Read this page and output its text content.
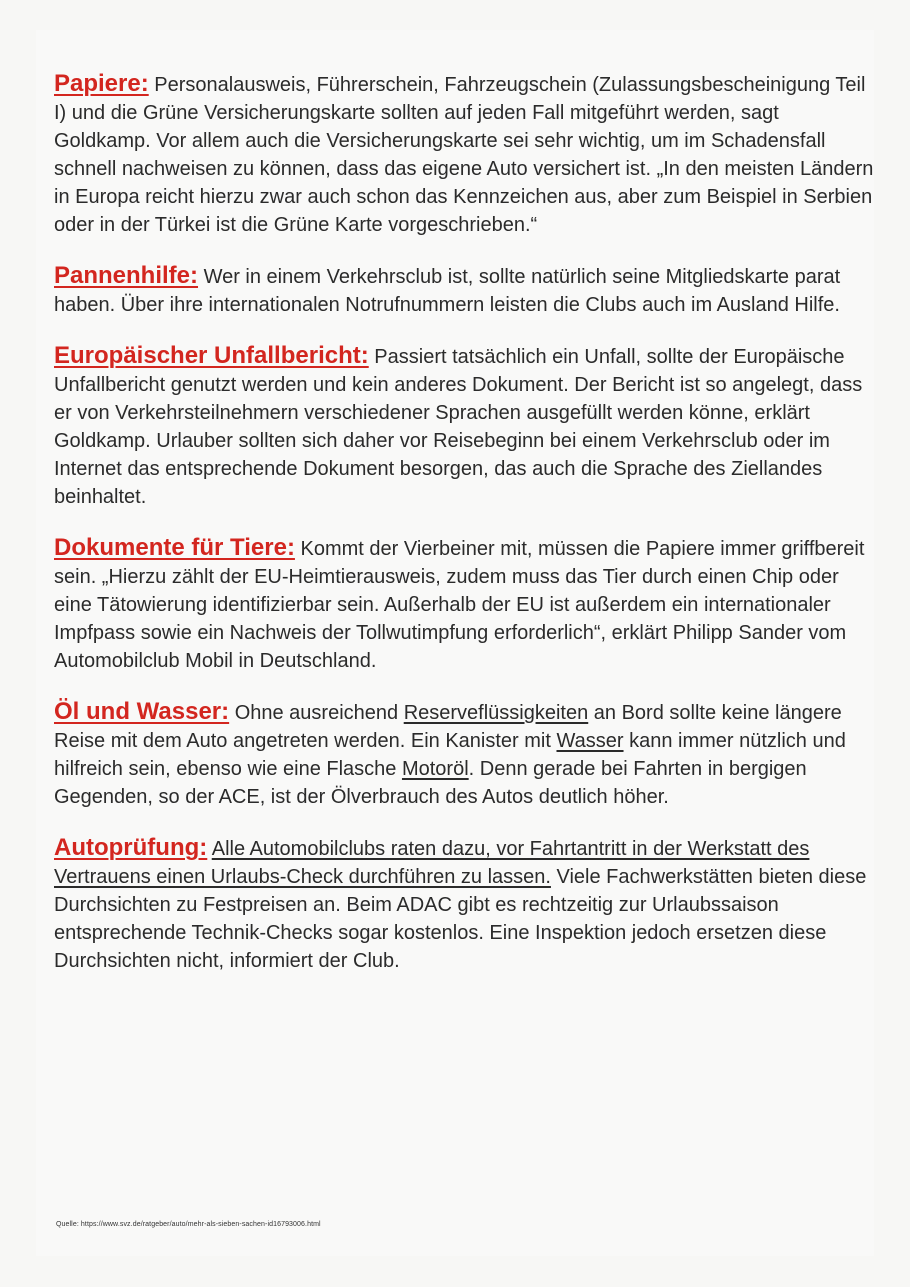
Papiere: Personalausweis, Führerschein, Fahrzeugschein (Zulassungsbescheinigung Teil I) und die Grüne Versicherungskarte sollten auf jeden Fall mitgeführt werden, sagt Goldkamp. Vor allem auch die Versicherungskarte sei sehr wichtig, um im Schadensfall schnell nachweisen zu können, dass das eigene Auto versichert ist. „In den meisten Ländern in Europa reicht hierzu zwar auch schon das Kennzeichen aus, aber zum Beispiel in Serbien oder in der Türkei ist die Grüne Karte vorgeschrieben.“

Pannenhilfe: Wer in einem Verkehrsclub ist, sollte natürlich seine Mitgliedskarte parat haben. Über ihre internationalen Notrufnummern leisten die Clubs auch im Ausland Hilfe.

Europäischer Unfallbericht: Passiert tatsächlich ein Unfall, sollte der Europäische Unfallbericht genutzt werden und kein anderes Dokument. Der Bericht ist so angelegt, dass er von Verkehrsteilnehmern verschiedener Sprachen ausgefüllt werden könne, erklärt Goldkamp. Urlauber sollten sich daher vor Reisebeginn bei einem Verkehrsclub oder im Internet das entsprechende Dokument besorgen, das auch die Sprache des Ziellandes beinhaltet.

Dokumente für Tiere: Kommt der Vierbeiner mit, müssen die Papiere immer griffbereit sein. „Hierzu zählt der EU-Heimtierausweis, zudem muss das Tier durch einen Chip oder eine Tätowierung identifizierbar sein. Außerhalb der EU ist außerdem ein internationaler Impfpass sowie ein Nachweis der Tollwutimpfung erforderlich“, erklärt Philipp Sander vom Automobilclub Mobil in Deutschland.

Öl und Wasser: Ohne ausreichend Reserveflüssigkeiten an Bord sollte keine längere Reise mit dem Auto angetreten werden. Ein Kanister mit Wasser kann immer nützlich und hilfreich sein, ebenso wie eine Flasche Motoröl. Denn gerade bei Fahrten in bergigen Gegenden, so der ACE, ist der Ölverbrauch des Autos deutlich höher.

Autoprüfung: Alle Automobilclubs raten dazu, vor Fahrtantritt in der Werkstatt des Vertrauens einen Urlaubs-Check durchführen zu lassen. Viele Fachwerkstätten bieten diese Durchsichten zu Festpreisen an. Beim ADAC gibt es rechtzeitig zur Urlaubssaison entsprechende Technik-Checks sogar kostenlos. Eine Inspektion jedoch ersetzen diese Durchsichten nicht, informiert der Club.

Quelle: https://www.svz.de/ratgeber/auto/mehr-als-sieben-sachen-id16793006.html
